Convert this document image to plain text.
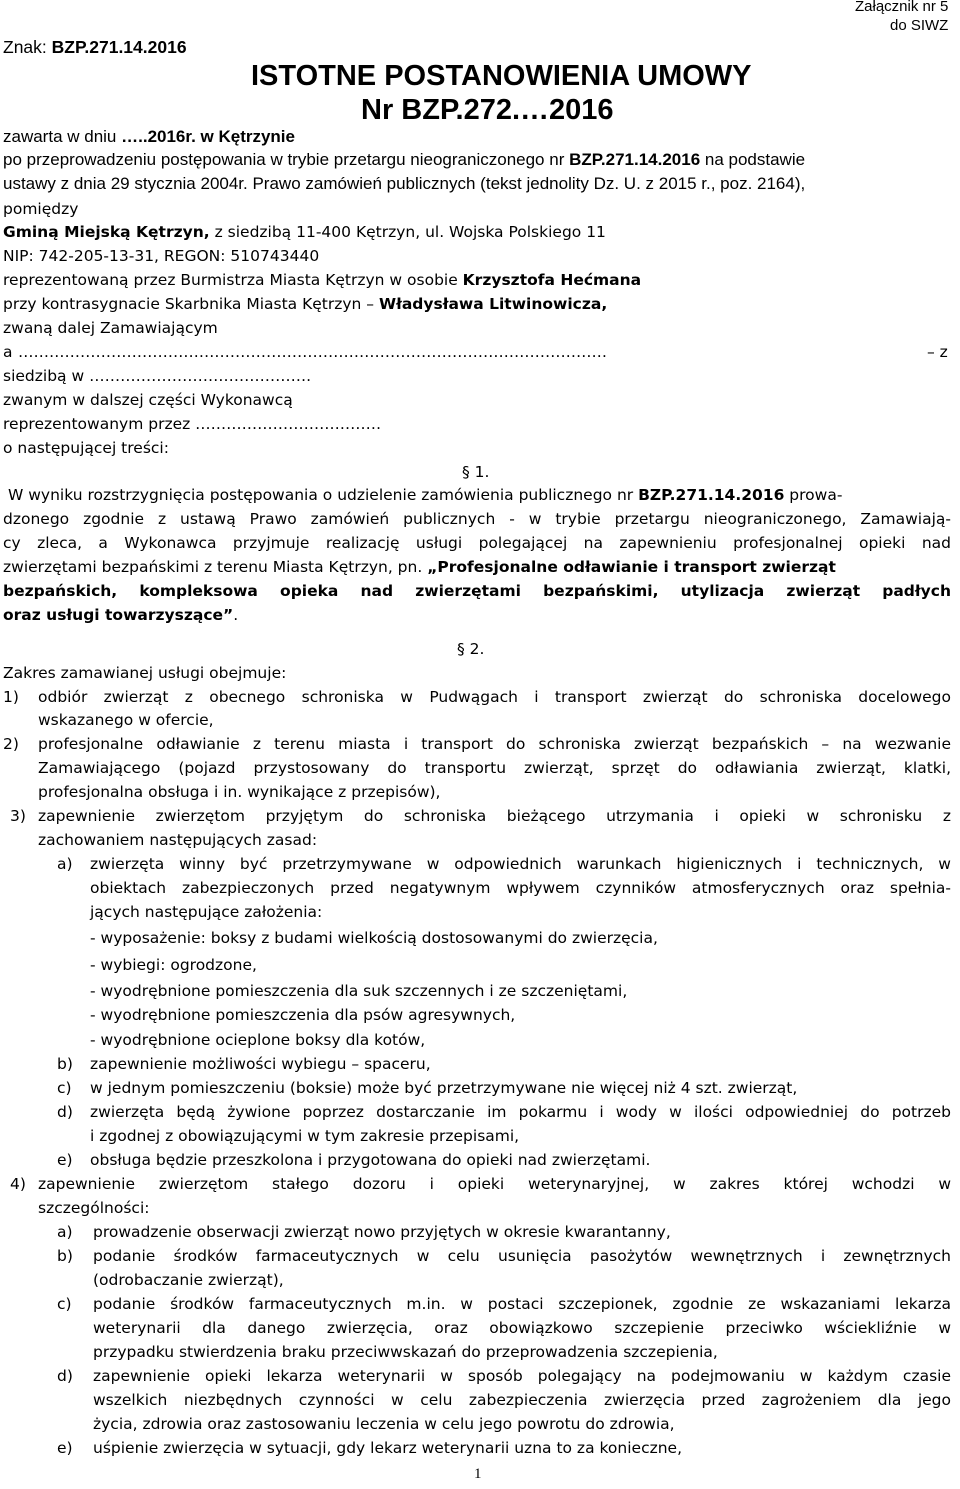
Załącznik nr 5
do SIWZ
Znak: BZP.271.14.2016
ISTOTNE POSTANOWIENIA UMOWY
Nr BZP.272.…2016
zawarta w dniu …..2016r. w Kętrzynie
po przeprowadzeniu postępowania w trybie przetargu nieograniczonego nr BZP.271.14.2016 na podstawie
ustawy z dnia 29 stycznia 2004r. Prawo zamówień publicznych (tekst jednolity Dz. U. z 2015 r., poz. 2164),
pomiędzy
Gminą Miejską Kętrzyn, z siedzibą 11-400 Kętrzyn, ul. Wojska Polskiego 11
NIP: 742-205-13-31, REGON: 510743440
reprezentowaną przez Burmistrza Miasta Kętrzyn w osobie Krzysztofa Hećmana
przy kontrasygnacie Skarbnika Miasta Kętrzyn – Władysława Litwinowicza,
zwaną dalej Zamawiającym
a ……………………………………………………………………………………………………	– z
siedzibą w …………………………………….
zwanym w dalszej części Wykonawcą
reprezentowanym przez ………………………………
o następującej treści:
§ 1.
W wyniku rozstrzygnięcia postępowania o udzielenie zamówienia publicznego nr BZP.271.14.2016 prowa-
dzonego zgodnie z ustawą Prawo zamówień publicznych - w trybie przetargu nieograniczonego, Zamawiają-
cy zleca, a Wykonawca przyjmuje realizację usługi polegającej na zapewnieniu profesjonalnej opieki nad
zwierzętami bezpańskimi z terenu Miasta Kętrzyn, pn. „Profesjonalne odławianie i transport zwierząt
bezpańskich, kompleksowa opieka nad zwierzętami bezpańskimi, utylizacja zwierząt padłych
oraz usługi towarzyszące”.
§ 2.
Zakres zamawianej usługi obejmuje:
1) odbiór zwierząt z obecnego schroniska w Pudwągach i transport zwierząt do schroniska docelowego
wskazanego w ofercie,
2) profesjonalne odławianie z terenu miasta i transport do schroniska zwierząt bezpańskich – na wezwanie
Zamawiającego (pojazd przystosowany do transportu zwierząt, sprzęt do odławiania zwierząt, klatki,
profesjonalna obsługa i in. wynikające z przepisów),
3) zapewnienie zwierzętom przyjętym do schroniska bieżącego utrzymania i opieki w schronisku z
zachowaniem następujących zasad:
a) zwierzęta winny być przetrzymywane w odpowiednich warunkach higienicznych i technicznych, w
obiektach zabezpieczonych przed negatywnym wpływem czynników atmosferycznych oraz spełnia-
jących następujące założenia:
- wyposażenie: boksy z budami wielkością dostosowanymi do zwierzęcia,
- wybiegi: ogrodzone,
- wyodrębnione pomieszczenia dla suk szczennych i ze szczeniętami,
- wyodrębnione pomieszczenia dla psów agresywnych,
- wyodrębnione ocieplone boksy dla kotów,
b) zapewnienie możliwości wybiegu – spaceru,
c) w jednym pomieszczeniu (boksie) może być przetrzymywane nie więcej niż 4 szt. zwierząt,
d) zwierzęta będą żywione poprzez dostarczanie im pokarmu i wody w ilości odpowiedniej do potrzeb
i zgodnej z obowiązującymi w tym zakresie przepisami,
e) obsługa będzie przeszkolona i przygotowana do opieki nad zwierzętami.
4) zapewnienie zwierzętom stałego dozoru i opieki weterynaryjnej, w zakres której wchodzi w
szczególności:
a) prowadzenie obserwacji zwierząt nowo przyjętych w okresie kwarantanny,
b) podanie środków farmaceutycznych w celu usunięcia pasożytów wewnętrznych i zewnętrznych
(odrobaczanie zwierząt),
c) podanie środków farmaceutycznych m.in. w postaci szczepionek, zgodnie ze wskazaniami lekarza
weterynarii dla danego zwierzęcia, oraz obowiązkowo szczepienie przeciwko wściekliźnie w
przypadku stwierdzenia braku przeciwwskazań do przeprowadzenia szczepienia,
d) zapewnienie opieki lekarza weterynarii w sposób polegający na podejmowaniu w każdym czasie
wszelkich niezbędnych czynności w celu zabezpieczenia zwierzęcia przed zagrożeniem dla jego
życia, zdrowia oraz zastosowaniu leczenia w celu jego powrotu do zdrowia,
e) uśpienie zwierzęcia w sytuacji, gdy lekarz weterynarii uzna to za konieczne,
1
